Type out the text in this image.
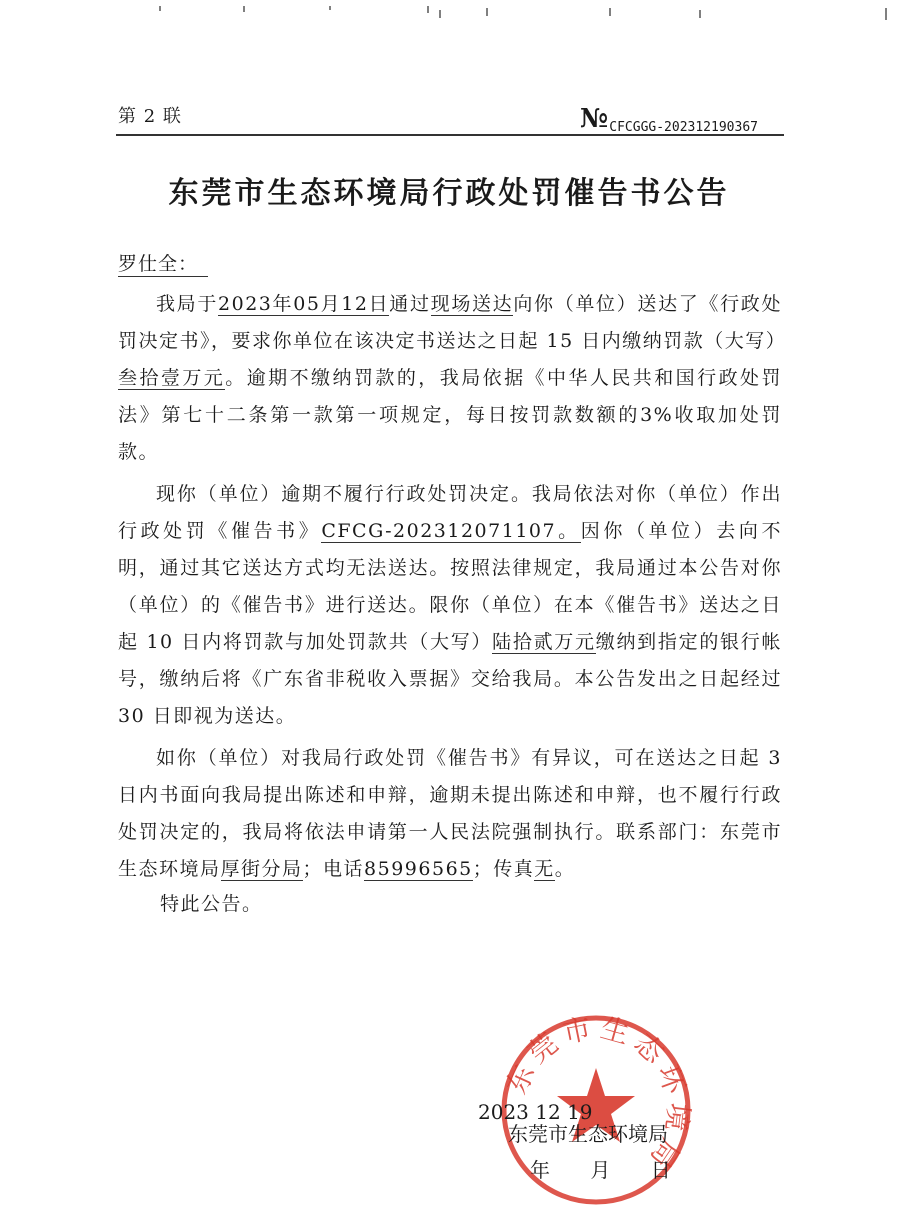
第 2 联	№ $_{CFCGGG-202312190367}$
东莞市生态环境局行政处罚催告书公告
罗仕全：

我局于2023年05月12日通过现场送达向你（单位）送达了《行政处罚决定书》，要求你单位在该决定书送达之日起 15 日内缴纳罚款（大写）叁拾壹万元。逾期不缴纳罚款的，我局依据《中华人民共和国行政处罚法》第七十二条第一款第一项规定，每日按罚款数额的3%收取加处罚款。

现你（单位）逾期不履行行政处罚决定。我局依法对你（单位）作出行政处罚《催告书》CFCG-202312071107。因你（单位）去向不明，通过其它送达方式均无法送达。按照法律规定，我局通过本公告对你（单位）的《催告书》进行送达。限你（单位）在本《催告书》送达之日起 10 日内将罚款与加处罚款共（大写）陆拾贰万元缴纳到指定的银行帐号，缴纳后将《广东省非税收入票据》交给我局。本公告发出之日起经过 30 日即视为送达。

如你（单位）对我局行政处罚《催告书》有异议，可在送达之日起 3 日内书面向我局提出陈述和申辩，逾期未提出陈述和申辩，也不履行行政处罚决定的，我局将依法申请第一人民法院强制执行。联系部门：东莞市生态环境局厚街分局；电话85996565；传真无。

特此公告。
东莞市生态环境局
2023 12 19
东莞市生态环境局
年 月 日
